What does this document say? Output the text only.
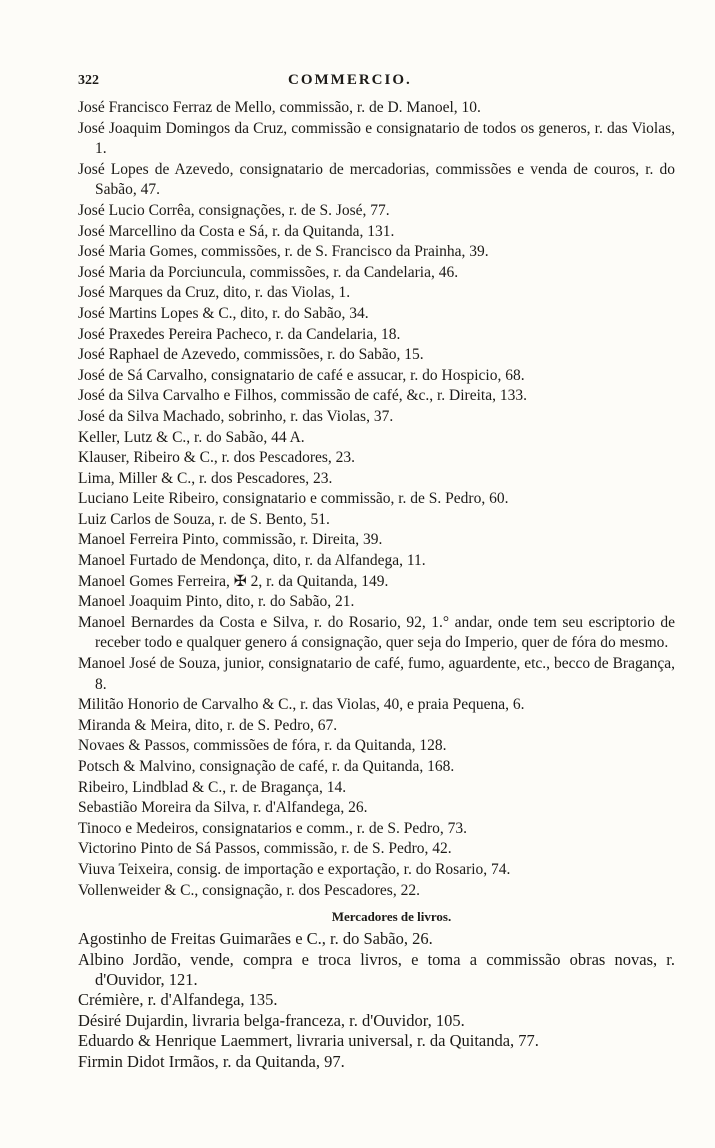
322	COMMERCIO.
José Francisco Ferraz de Mello, commissão, r. de D. Manoel, 10.
José Joaquim Domingos da Cruz, commissão e consignatario de todos os generos, r. das Violas, 1.
José Lopes de Azevedo, consignatario de mercadorias, commissões e venda de couros, r. do Sabão, 47.
José Lucio Corrêa, consignações, r. de S. José, 77.
José Marcellino da Costa e Sá, r. da Quitanda, 131.
José Maria Gomes, commissões, r. de S. Francisco da Prainha, 39.
José Maria da Porciuncula, commissões, r. da Candelaria, 46.
José Marques da Cruz, dito, r. das Violas, 1.
José Martins Lopes & C., dito, r. do Sabão, 34.
José Praxedes Pereira Pacheco, r. da Candelaria, 18.
José Raphael de Azevedo, commissões, r. do Sabão, 15.
José de Sá Carvalho, consignatario de café e assucar, r. do Hospicio, 68.
José da Silva Carvalho e Filhos, commissão de café, &c., r. Direita, 133.
José da Silva Machado, sobrinho, r. das Violas, 37.
Keller, Lutz & C., r. do Sabão, 44 A.
Klauser, Ribeiro & C., r. dos Pescadores, 23.
Lima, Miller & C., r. dos Pescadores, 23.
Luciano Leite Ribeiro, consignatario e commissão, r. de S. Pedro, 60.
Luiz Carlos de Souza, r. de S. Bento, 51.
Manoel Ferreira Pinto, commissão, r. Direita, 39.
Manoel Furtado de Mendonça, dito, r. da Alfandega, 11.
Manoel Gomes Ferreira, ✠ 2, r. da Quitanda, 149.
Manoel Joaquim Pinto, dito, r. do Sabão, 21.
Manoel Bernardes da Costa e Silva, r. do Rosario, 92, 1.° andar, onde tem seu escriptorio de receber todo e qualquer genero á consignação, quer seja do Imperio, quer de fóra do mesmo.
Manoel José de Souza, junior, consignatario de café, fumo, aguardente, etc., becco de Bragança, 8.
Militão Honorio de Carvalho & C., r. das Violas, 40, e praia Pequena, 6.
Miranda & Meira, dito, r. de S. Pedro, 67.
Novaes & Passos, commissões de fóra, r. da Quitanda, 128.
Potsch & Malvino, consignação de café, r. da Quitanda, 168.
Ribeiro, Lindblad & C., r. de Bragança, 14.
Sebastião Moreira da Silva, r. d'Alfandega, 26.
Tinoco e Medeiros, consignatarios e comm., r. de S. Pedro, 73.
Victorino Pinto de Sá Passos, commissão, r. de S. Pedro, 42.
Viuva Teixeira, consig. de importação e exportação, r. do Rosario, 74.
Vollenweider & C., consignação, r. dos Pescadores, 22.
Mercadores de livros.
Agostinho de Freitas Guimarães e C., r. do Sabão, 26.
Albino Jordão, vende, compra e troca livros, e toma a commissão obras novas, r. d'Ouvidor, 121.
Crémière, r. d'Alfandega, 135.
Désiré Dujardin, livraria belga-franceza, r. d'Ouvidor, 105.
Eduardo & Henrique Laemmert, livraria universal, r. da Quitanda, 77.
Firmin Didot Irmãos, r. da Quitanda, 97.
